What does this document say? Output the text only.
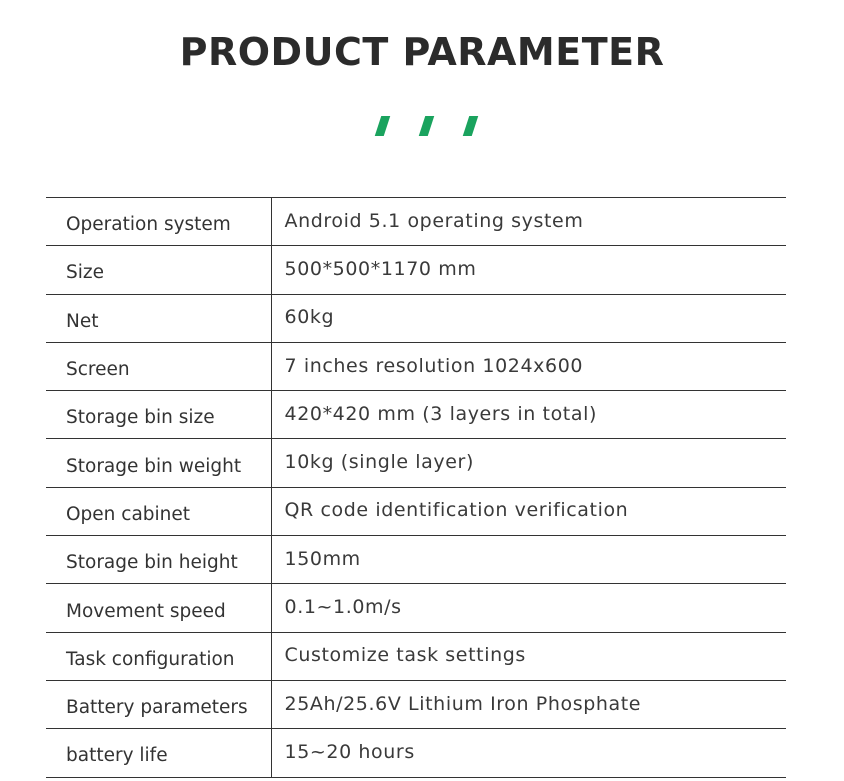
PRODUCT PARAMETER
Operation system	Android 5.1 operating system
Size	500*500*1170 mm
Net	60kg
Screen	7 inches resolution 1024x600
Storage bin size	420*420 mm (3 layers in total)
Storage bin weight	10kg (single layer)
Open cabinet	QR code identification verification
Storage bin height	150mm
Movement speed	0.1~1.0m/s
Task configuration	Customize task settings
Battery parameters	25Ah/25.6V Lithium Iron Phosphate
battery life	15~20 hours
